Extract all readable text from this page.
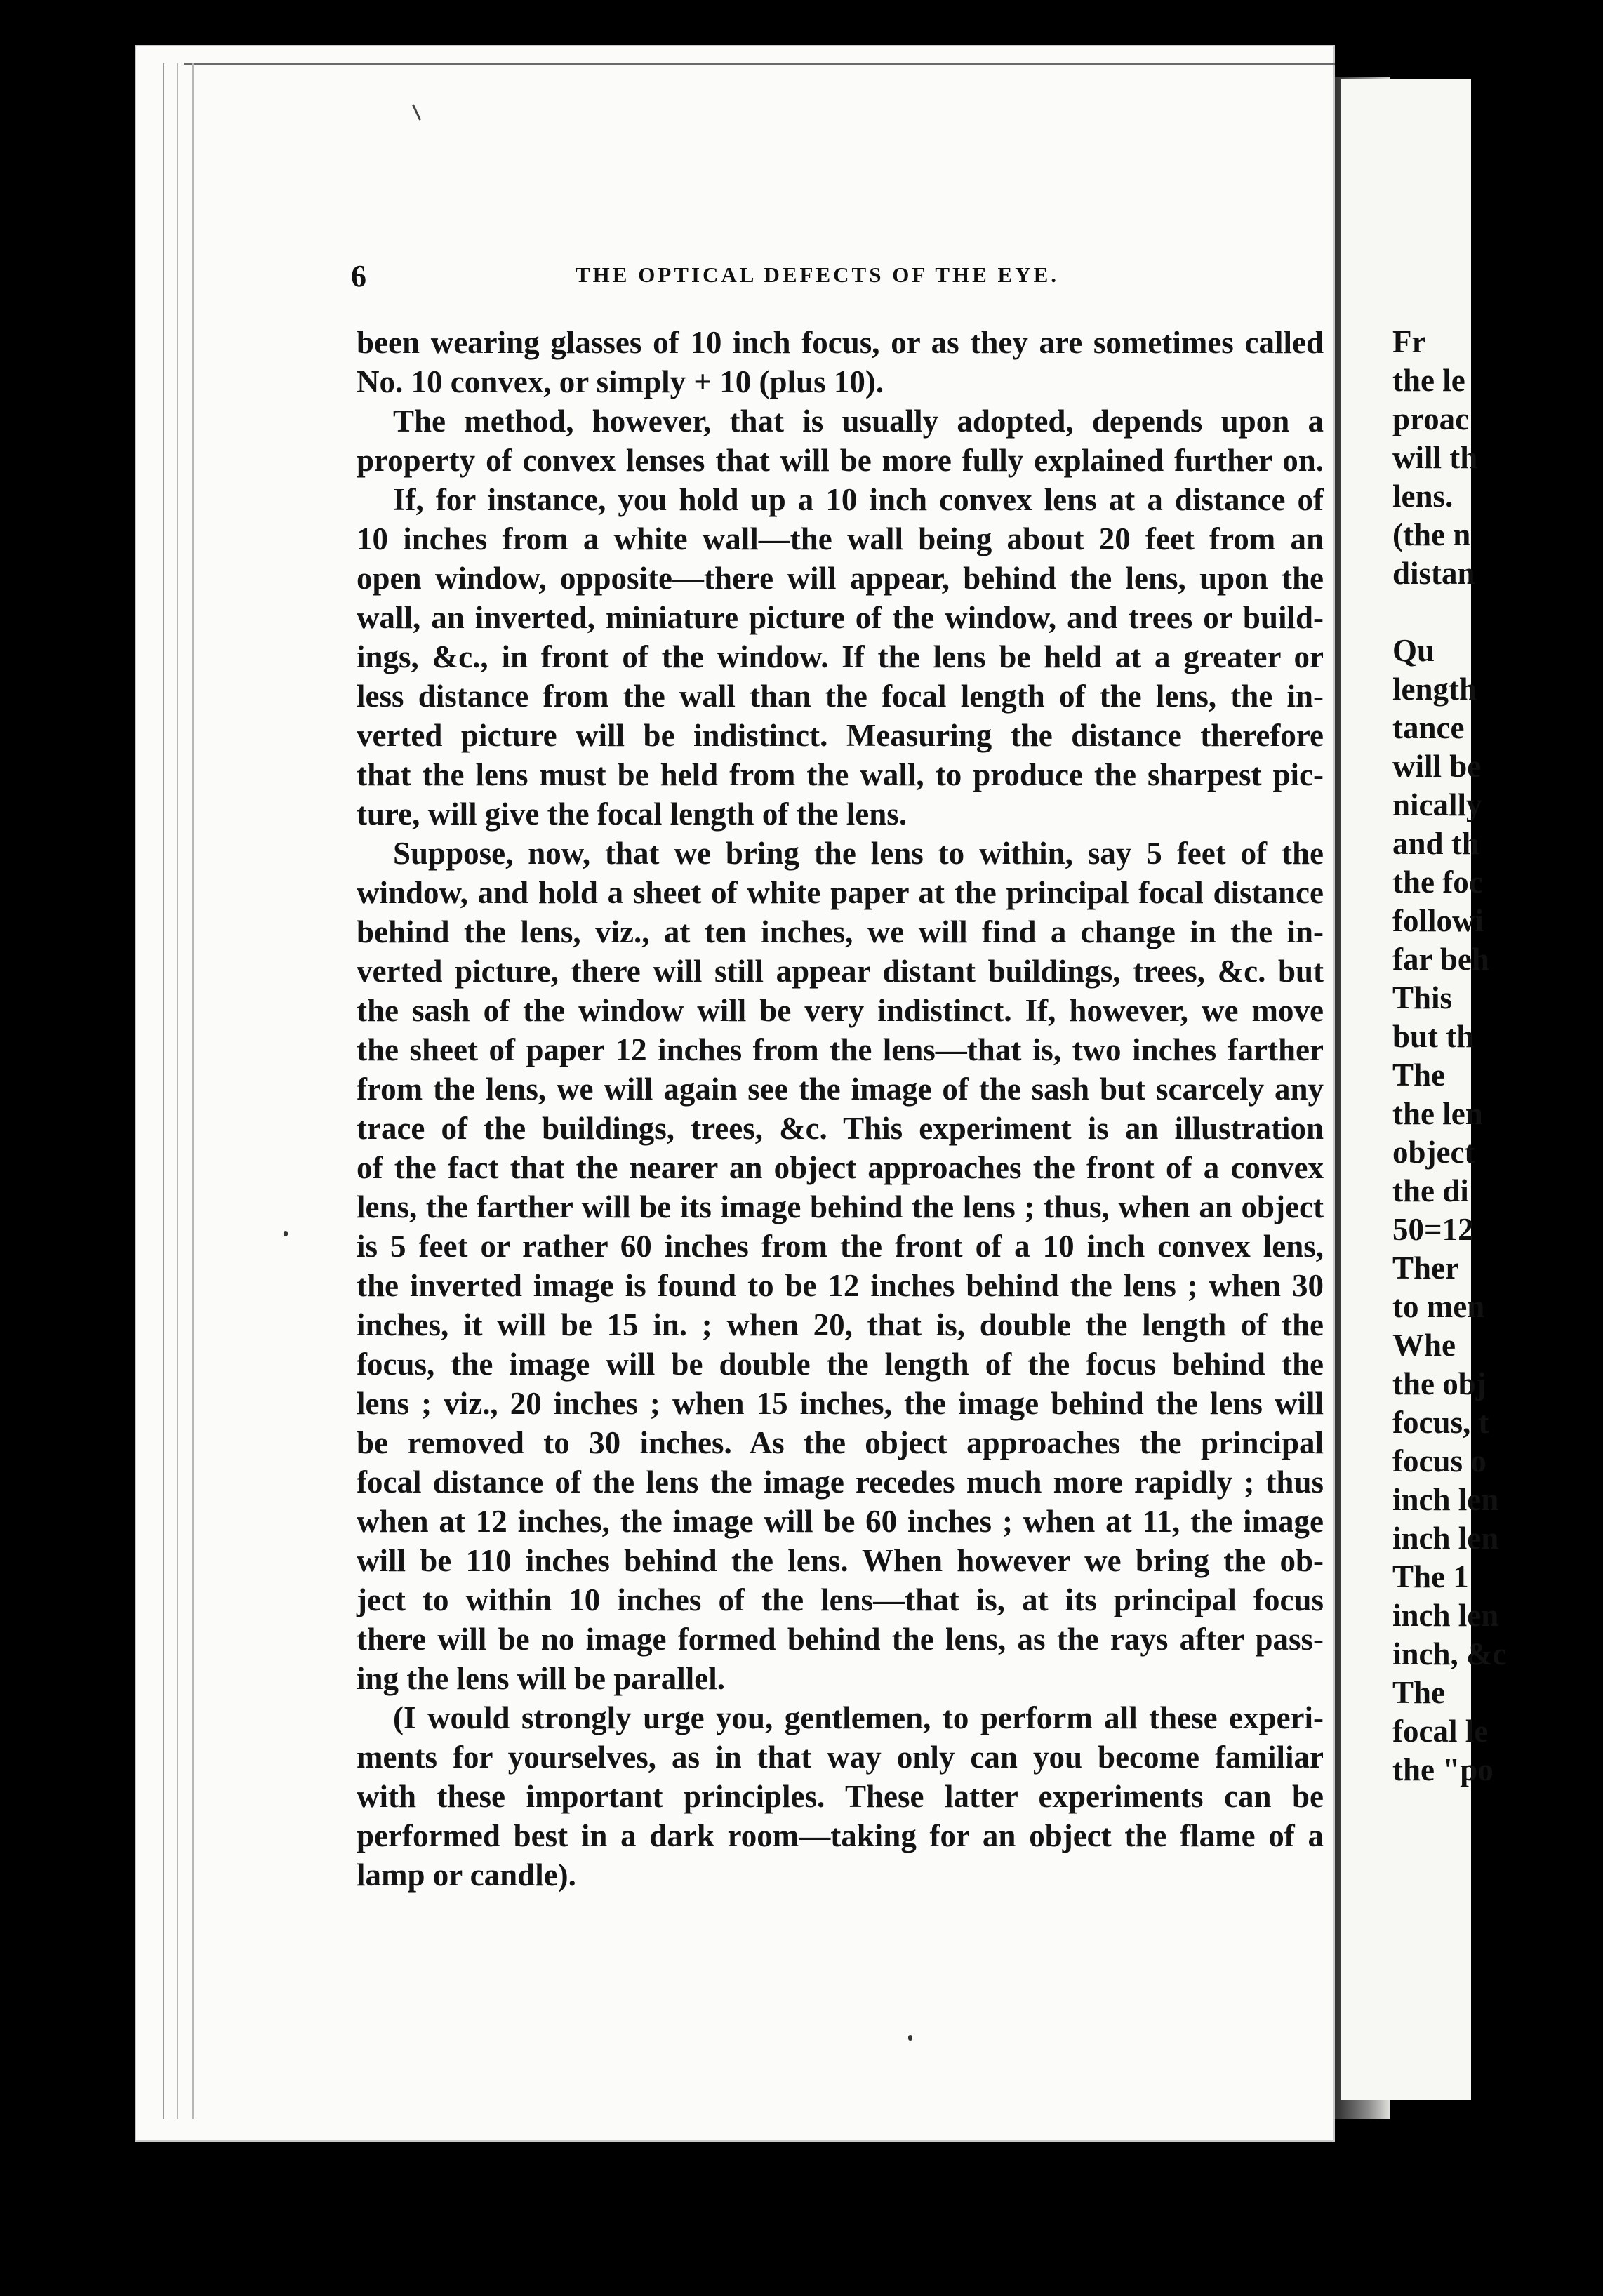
Fr
the le
proac
will th
lens.
(the n
distan
Qu
length
tance
will be
nically
and th
the foc
followi
far beh
This
but th
The
the len
object
the di
50=12
Ther
to men
Whe
the obj
focus, t
focus o
inch len
inch len
The 1
inch len
inch, &c
The
focal le
the "po
6	THE OPTICAL DEFECTS OF THE EYE.
been wearing glasses of 10 inch focus, or as they are sometimes called
No. 10 convex, or simply + 10 (plus 10).
The method, however, that is usually adopted, depends upon a
property of convex lenses that will be more fully explained further on.
If, for instance, you hold up a 10 inch convex lens at a distance of
10 inches from a white wall—the wall being about 20 feet from an
open window, opposite—there will appear, behind the lens, upon the
wall, an inverted, miniature picture of the window, and trees or build-
ings, &c., in front of the window. If the lens be held at a greater or
less distance from the wall than the focal length of the lens, the in-
verted picture will be indistinct. Measuring the distance therefore
that the lens must be held from the wall, to produce the sharpest pic-
ture, will give the focal length of the lens.
Suppose, now, that we bring the lens to within, say 5 feet of the
window, and hold a sheet of white paper at the principal focal distance
behind the lens, viz., at ten inches, we will find a change in the in-
verted picture, there will still appear distant buildings, trees, &c. but
the sash of the window will be very indistinct. If, however, we move
the sheet of paper 12 inches from the lens—that is, two inches farther
from the lens, we will again see the image of the sash but scarcely any
trace of the buildings, trees, &c. This experiment is an illustration
of the fact that the nearer an object approaches the front of a convex
lens, the farther will be its image behind the lens ; thus, when an object
is 5 feet or rather 60 inches from the front of a 10 inch convex lens,
the inverted image is found to be 12 inches behind the lens ; when 30
inches, it will be 15 in. ; when 20, that is, double the length of the
focus, the image will be double the length of the focus behind the
lens ; viz., 20 inches ; when 15 inches, the image behind the lens will
be removed to 30 inches. As the object approaches the principal
focal distance of the lens the image recedes much more rapidly ; thus
when at 12 inches, the image will be 60 inches ; when at 11, the image
will be 110 inches behind the lens. When however we bring the ob-
ject to within 10 inches of the lens—that is, at its principal focus
there will be no image formed behind the lens, as the rays after pass-
ing the lens will be parallel.
(I would strongly urge you, gentlemen, to perform all these experi-
ments for yourselves, as in that way only can you become familiar
with these important principles. These latter experiments can be
performed best in a dark room—taking for an object the flame of a
lamp or candle).
